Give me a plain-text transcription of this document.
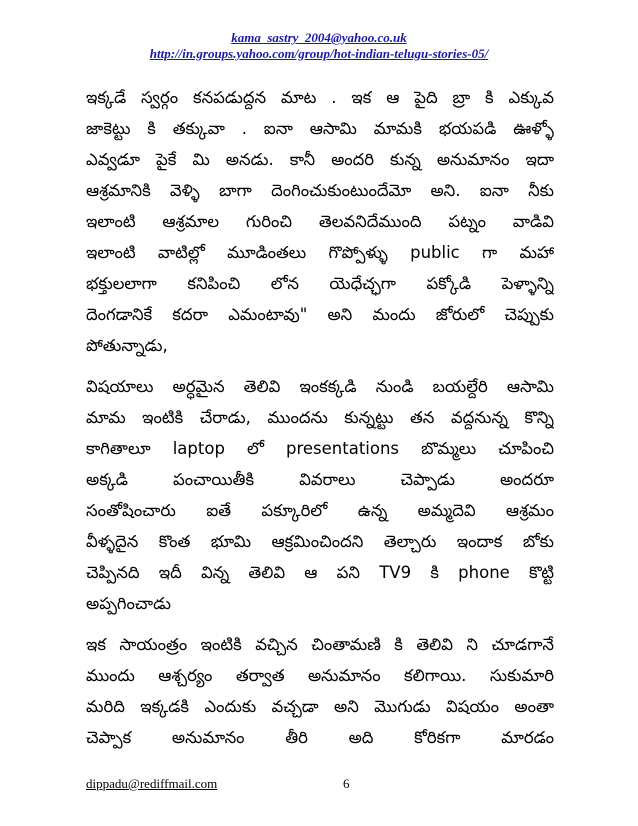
kama_sastry_2004@yahoo.co.uk
http://in.groups.yahoo.com/group/hot-indian-telugu-stories-05/
ఇక్కడే స్వర్గం కనపడుద్దన మాట . ఇక ఆ పైది బ్రా కి ఎక్కువ
జాకెట్టు కి తక్కువా . ఐనా ఆసామి మామకి భయపడి ఊళ్ళో
ఎవ్వడూ పైకే మి అనడు. కానీ అందరి కున్న అనుమానం ఇదా
ఆశ్రమానికి వెళ్ళి బాగా దెంగించుకుంటుందేమో అని. ఐనా నీకు
ఇలాంటి ఆశ్రమాల గురించి తెలవనిదేముంది పట్నం వాడివి
ఇలాంటి వాటిల్లో మూడింతలు గొప్పోళ్ళు public గా మహా
భక్తులలాగా కనిపించి లోన యెధేచ్ఛగా పక్కోడి పెళ్ళాన్ని
దెంగడానికే కదరా ఎమంటావు" అని మందు జోరులో చెప్పుకు
పోతున్నాడు,
విషయాలు అర్ధమైన తెలివి ఇంకక్కడి నుండి బయల్దేరి ఆసామి
మామ ఇంటికి చేరాడు, ముందను కున్నట్టు తన వద్దనున్న కొన్ని
కాగితాలూ laptop లో presentations బొమ్మలు చూపించి
అక్కడి పంచాయితీకి వివరాలు చెప్పాడు అందరూ
సంతోషించారు ఐతే పక్కూరిలో ఉన్న అమ్మదెవి ఆశ్రమం
వీళ్ళదైన కొంత భూమి ఆక్రమించిందని తెల్చారు ఇందాక బోకు
చెప్పినది ఇదీ విన్న తెలివి ఆ పని TV9 కి phone కొట్టి
అప్పగించాడు
ఇక సాయంత్రం ఇంటికి వచ్చిన చింతామణి కి తెలివి ని చూడగానే
ముందు ఆశ్చర్యం తర్వాత అనుమానం కలిగాయి. సుకుమారి
మరిది ఇక్కడకి ఎందుకు వచ్చడా అని మొగుడు విషయం అంతా
చెప్పాక అనుమానం తీరి అది కోరికగా మారడం
dippadu@rediffmail.com	6
